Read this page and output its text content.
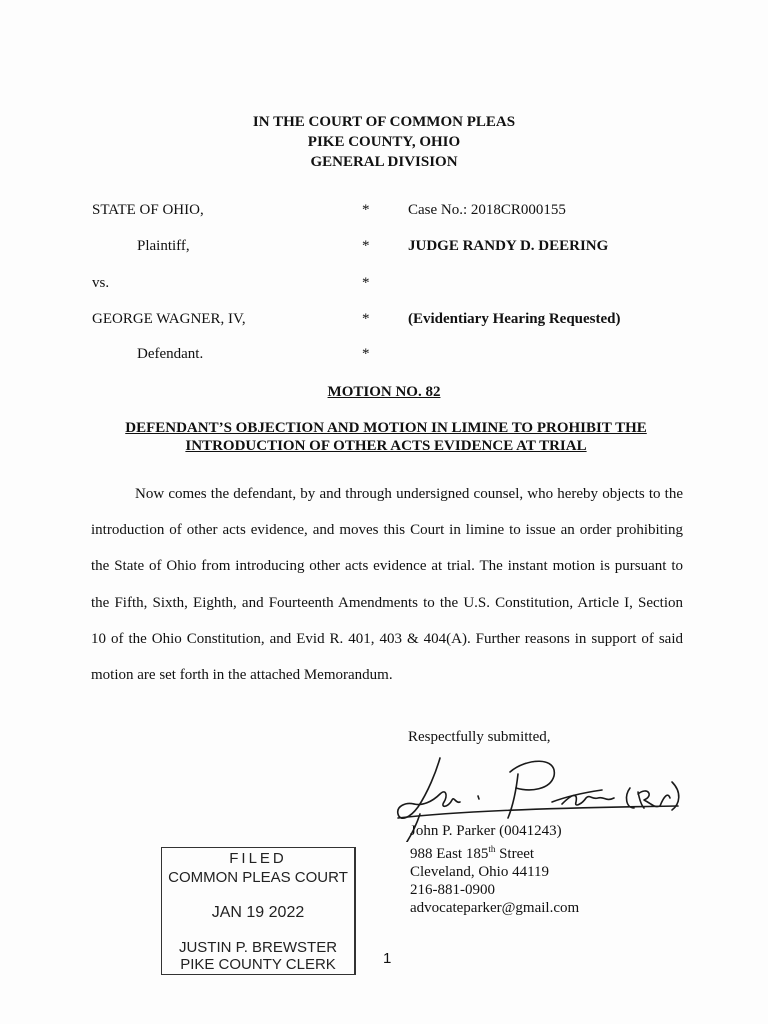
IN THE COURT OF COMMON PLEAS
PIKE COUNTY, OHIO
GENERAL DIVISION
STATE OF OHIO,	*	Case No.: 2018CR000155
Plaintiff,	*	JUDGE RANDY D. DEERING
vs.	*
GEORGE WAGNER, IV,	*	(Evidentiary Hearing Requested)
Defendant.	*
MOTION NO. 82
DEFENDANT’S OBJECTION AND MOTION IN LIMINE TO PROHIBIT THE
INTRODUCTION OF OTHER ACTS EVIDENCE AT TRIAL
Now comes the defendant, by and through undersigned counsel, who hereby objects to the introduction of other acts evidence, and moves this Court in limine to issue an order prohibiting the State of Ohio from introducing other acts evidence at trial. The instant motion is pursuant to the Fifth, Sixth, Eighth, and Fourteenth Amendments to the U.S. Constitution, Article I, Section 10 of the Ohio Constitution, and Evid R. 401, 403 & 404(A). Further reasons in support of said motion are set forth in the attached Memorandum.
Respectfully submitted,
John P. Parker (0041243)
988 East 185th Street
Cleveland, Ohio 44119
216-881-0900
advocateparker@gmail.com
FILED
COMMON PLEAS COURT
JAN 19 2022
JUSTIN P. BREWSTER
PIKE COUNTY CLERK	1
